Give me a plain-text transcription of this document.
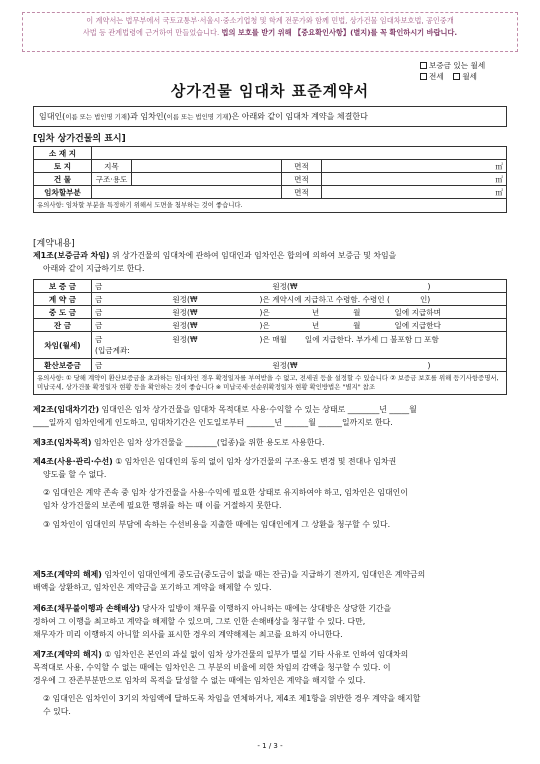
이 계약서는 법무부에서 국토교통부·서울시·중소기업청 및 학계 전문가와 함께 민법, 상가건물 임대차보호법, 공인중개
사법 등 관계법령에 근거하여 만들었습니다. 법의 보호를 받기 위해 【중요확인사항】(별지)를 꼭 확인하시기 바랍니다.
보증금 있는 월세
전세 월세
상가건물 임대차 표준계약서
임대인(이름 또는 법인명 기재)과 임차인(이름 또는 법인명 기재)은 아래와 같이 임대차 계약을 체결한다
[임차 상가건물의 표시]
소 재 지				
토 지	지목		면적	㎡
건 물	구조·용도		면적	㎡
임차할부분			면적	㎡
유의사항: 임차할 부분을 특정하기 위해서 도면을 첨부하는 것이 좋습니다.				
[계약내용]
제1조(보증금과 차임) 위 상가건물의 임대차에 관하여 임대인과 임차인은 합의에 의하여 보증금 및 차임을
아래와 같이 지급하기로 한다.
보 증 금	금 원정(₩ )
계 약 금	금 원정(₩ )은 계약시에 지급하고 수령함. 수령인 ( 인)
중 도 금	금 원정(₩ )은 년 월 일에 지급하며
잔 금	금 원정(₩ )은 년 월 일에 지급한다
차임(월세)	금 원정(₩ )은 매월 일에 지급한다. 부가세 □ 불포함 □ 포함
(입금계좌:

환산보증금	금 원정(₩ )
유의사항: ① 당해 계약이 환산보증금을 초과하는 임대차인 경우 확정일자를 부여받을 수 없고, 전세권 등을 설정할 수 있습니다 ② 보증금 보호를 위해 등기사항증명서, 미납국세, 상가건물 확정일자 현황 등을 확인하는 것이 좋습니다 ※ 미납국세·선순위확정일자 현황 확인방법은 "별지" 참조	
제2조(임대차기간) 임대인은 임차 상가건물을 임대차 목적대로 사용·수익할 수 있는 상태로 ________년 _____월
____일까지 임차인에게 인도하고, 임대차기간은 인도일로부터 _______년 ______월 ______일까지로 한다.
제3조(임차목적) 임차인은 임차 상가건물을 ________(업종)을 위한 용도로 사용한다.
제4조(사용·관리·수선) ① 임차인은 임대인의 동의 없이 임차 상가건물의 구조·용도 변경 및 전대나 임차권
양도를 할 수 없다.
② 임대인은 계약 존속 중 임차 상가건물을 사용·수익에 필요한 상태로 유지하여야 하고, 임차인은 임대인이
임차 상가건물의 보존에 필요한 행위를 하는 때 이를 거절하지 못한다.
③ 임차인이 임대인의 부담에 속하는 수선비용을 지출한 때에는 임대인에게 그 상환을 청구할 수 있다.
제5조(계약의 해제) 임차인이 임대인에게 중도금(중도금이 없을 때는 잔금)을 지급하기 전까지, 임대인은 계약금의
배액을 상환하고, 임차인은 계약금을 포기하고 계약을 해제할 수 있다.
제6조(채무불이행과 손해배상) 당사자 일방이 채무를 이행하지 아니하는 때에는 상대방은 상당한 기간을
정하여 그 이행을 최고하고 계약을 해제할 수 있으며, 그로 인한 손해배상을 청구할 수 있다. 다만,
채무자가 미리 이행하지 아니할 의사를 표시한 경우의 계약해제는 최고를 요하지 아니한다.
제7조(계약의 해지) ① 임차인은 본인의 과실 없이 임차 상가건물의 일부가 멸실 기타 사유로 인하여 임대차의
목적대로 사용, 수익할 수 없는 때에는 임차인은 그 부분의 비율에 의한 차임의 감액을 청구할 수 있다. 이
경우에 그 잔존부분만으로 임차의 목적을 달성할 수 없는 때에는 임차인은 계약을 해지할 수 있다.
② 임대인은 임차인이 3기의 차임액에 달하도록 차임을 연체하거나, 제4조 제1항을 위반한 경우 계약을 해지할
수 있다.
- 1 / 3 -
